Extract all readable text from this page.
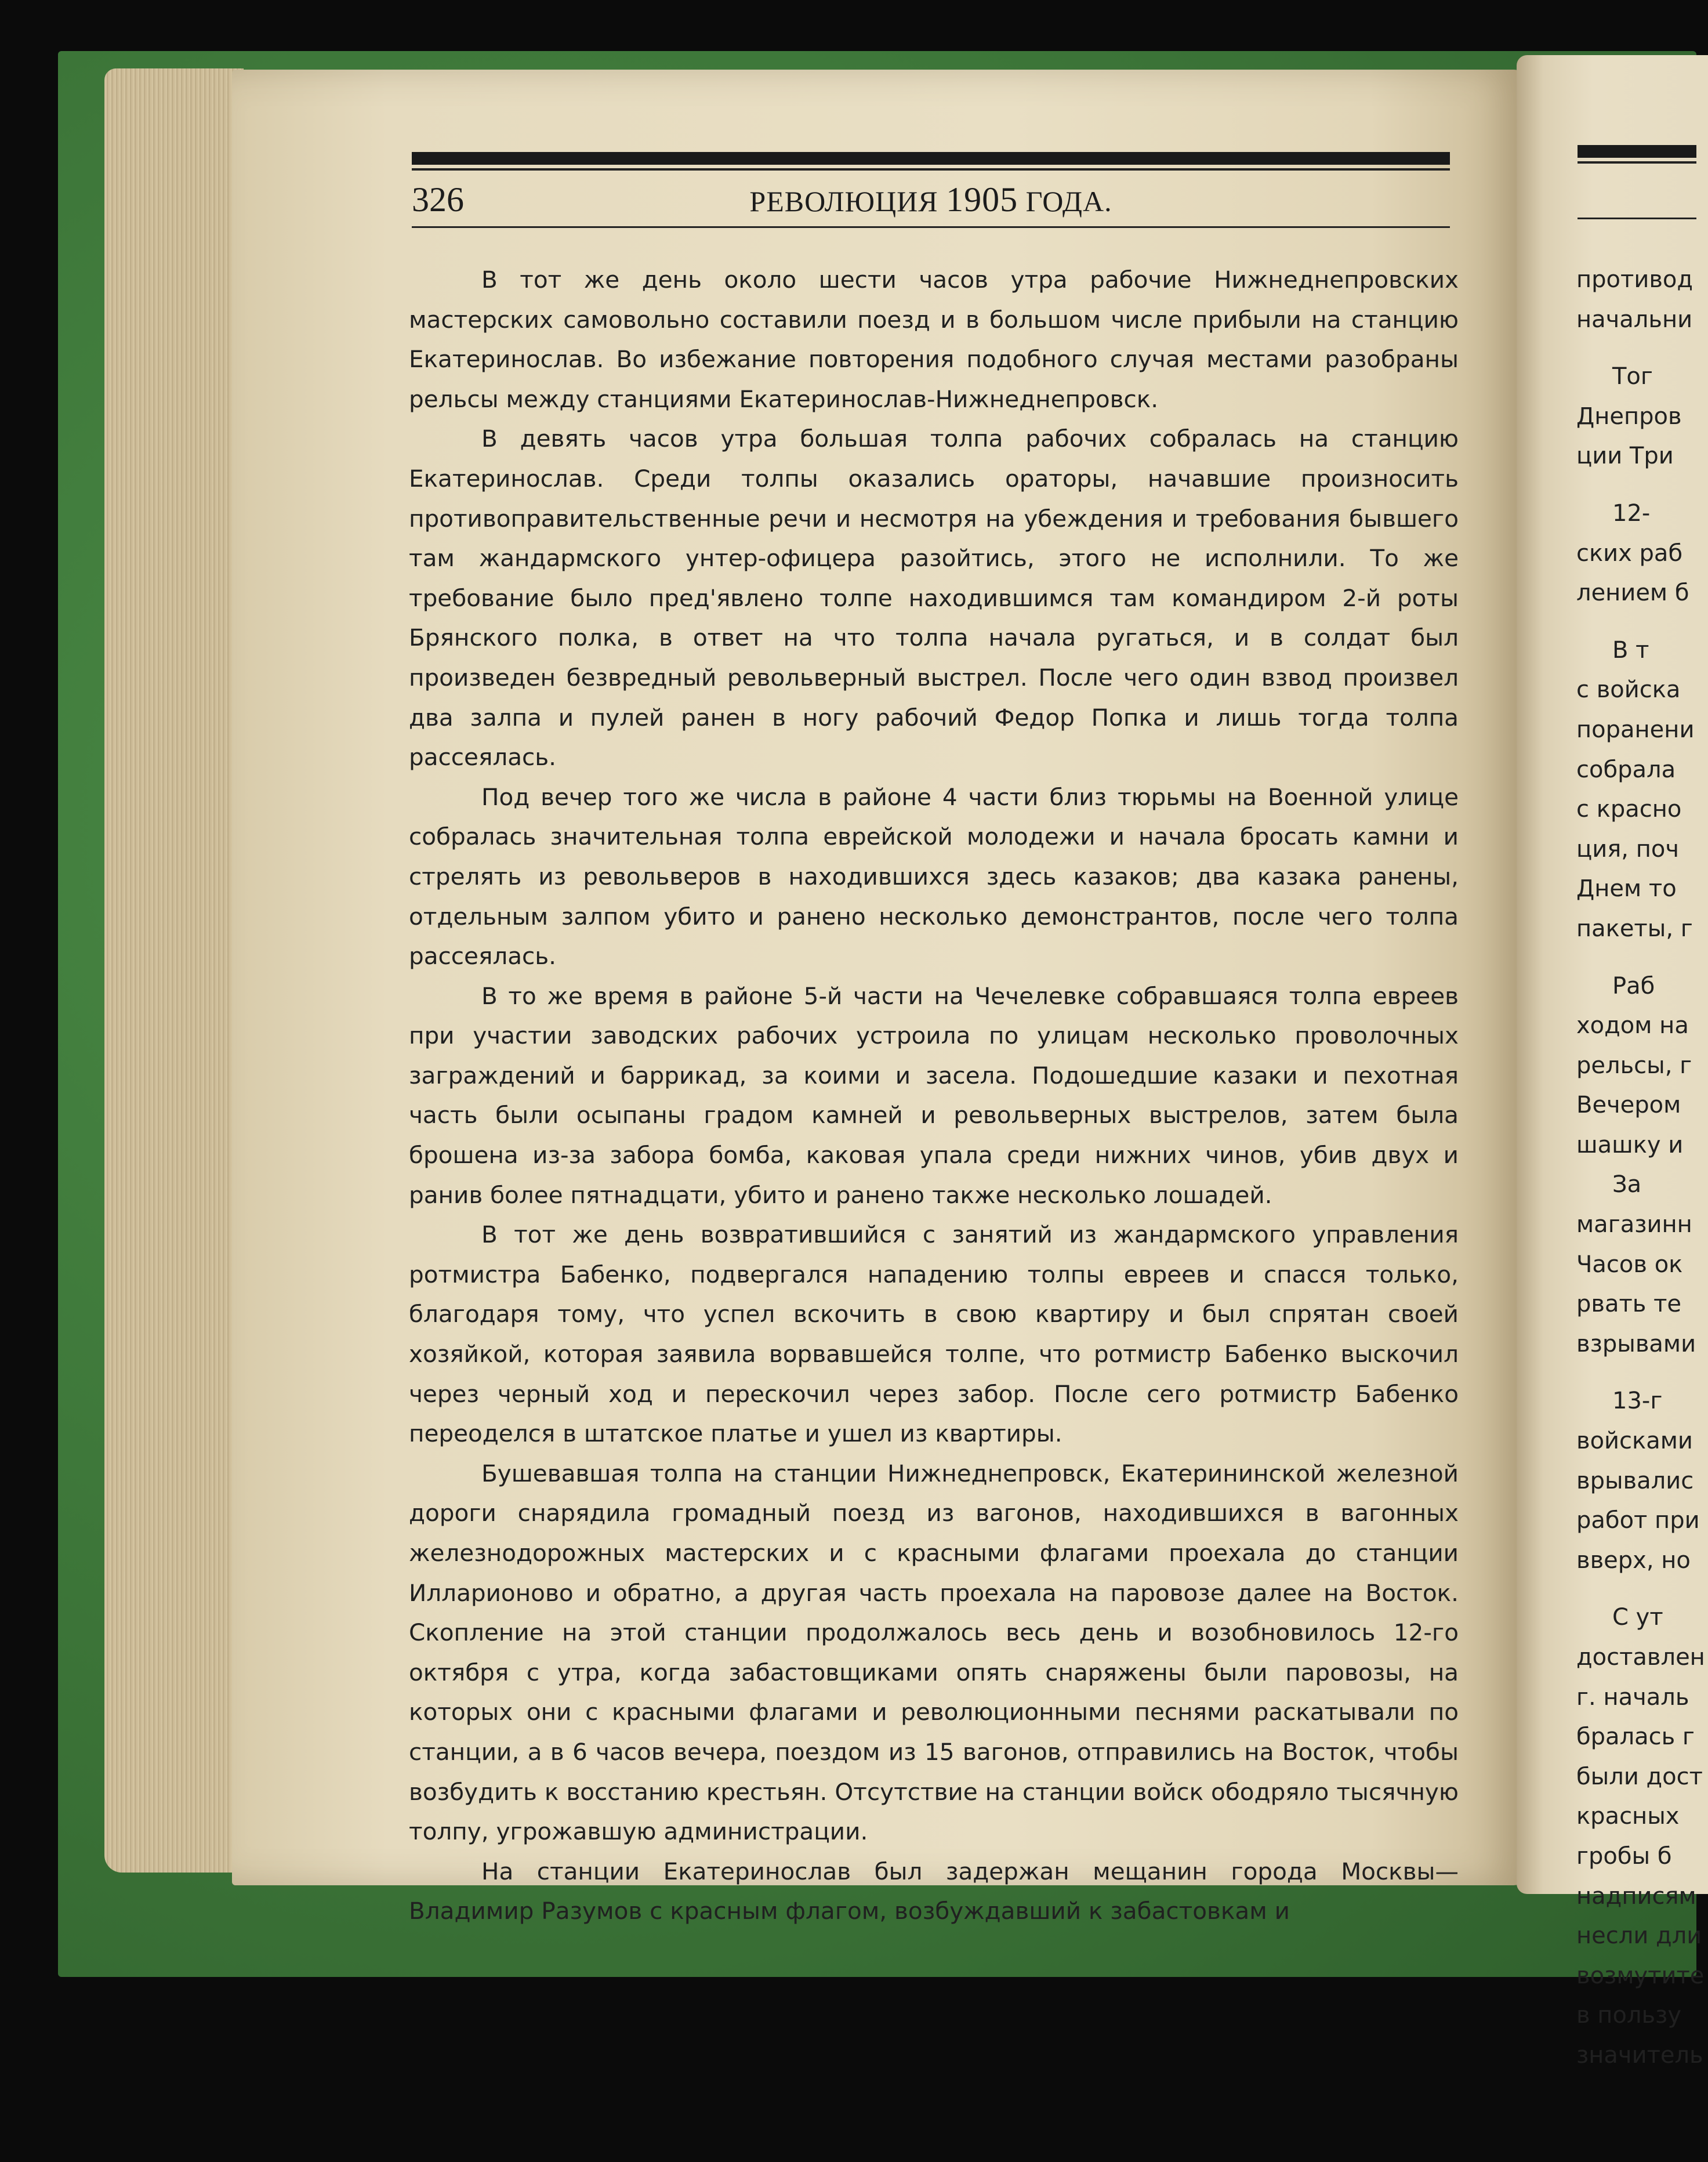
326	РЕВОЛЮЦИЯ 1905 ГОДА.

В тот же день около шести часов утра рабочие Нижнеднепровских мастерских самовольно составили поезд и в большом числе прибыли на станцию Екатеринослав. Во избежание повторения подобного случая местами разобраны рельсы между станциями Екатеринослав-Нижнеднепровск.

В девять часов утра большая толпа рабочих собралась на станцию Екатеринослав. Среди толпы оказались ораторы, начавшие произносить противоправительственные речи и несмотря на убеждения и требования бывшего там жандармского унтер-офицера разойтись, этого не исполнили. То же требование было пред'явлено толпе находившимся там командиром 2-й роты Брянского полка, в ответ на что толпа начала ругаться, и в солдат был произведен безвредный револьверный выстрел. После чего один взвод произвел два залпа и пулей ранен в ногу рабочий Федор Попка и лишь тогда толпа рассеялась.

Под вечер того же числа в районе 4 части близ тюрьмы на Военной улице собралась значительная толпа еврейской молодежи и начала бросать камни и стрелять из револьверов в находившихся здесь казаков; два казака ранены, отдельным залпом убито и ранено несколько демонстрантов, после чего толпа рассеялась.

В то же время в районе 5-й части на Чечелевке собравшаяся толпа евреев при участии заводских рабочих устроила по улицам несколько проволочных заграждений и баррикад, за коими и засела. Подошедшие казаки и пехотная часть были осыпаны градом камней и револьверных выстрелов, затем была брошена из-за забора бомба, каковая упала среди нижних чинов, убив двух и ранив более пятнадцати, убито и ранено также несколько лошадей.

В тот же день возвратившийся с занятий из жандармского управления ротмистра Бабенко, подвергался нападению толпы евреев и спасся только, благодаря тому, что успел вскочить в свою квартиру и был спрятан своей хозяйкой, которая заявила ворвавшейся толпе, что ротмистр Бабенко выскочил через черный ход и перескочил через забор. После сего ротмистр Бабенко переоделся в штатское платье и ушел из квартиры.

Бушевавшая толпа на станции Нижнеднепровск, Екатерининской железной дороги снарядила громадный поезд из вагонов, находившихся в вагонных железнодорожных мастерских и с красными флагами проехала до станции Илларионово и обратно, а другая часть проехала на паровозе далее на Восток. Скопление на этой станции продолжалось весь день и возобновилось 12-го октября с утра, когда забастовщиками опять снаряжены были паровозы, на которых они с красными флагами и революционными песнями раскатывали по станции, а в 6 часов вечера, поездом из 15 вагонов, отправились на Восток, чтобы возбудить к восстанию крестьян. Отсутствие на станции войск ободряло тысячную толпу, угрожавшую администрации.

На станции Екатеринослав был задержан мещанин города Москвы— Владимир Разумов с красным флагом, возбуждавший к забастовкам и

противод
начальни
Тог
Днепров
ции Три
12-
ских раб
лением б
В т
с войска
поранени
собрала
с красно
ция, поч
Днем то
пакеты, г
Раб
ходом на
рельсы, г
Вечером
шашку и
За
магазинн
Часов ок
рвать те
взрывами
13-г
войсками
врывалис
работ при
вверх, но
С ут
доставлен
г. началь
бралась г
были дост
красных
гробы б
надписям
несли дли
возмутите
в пользу
значитель
